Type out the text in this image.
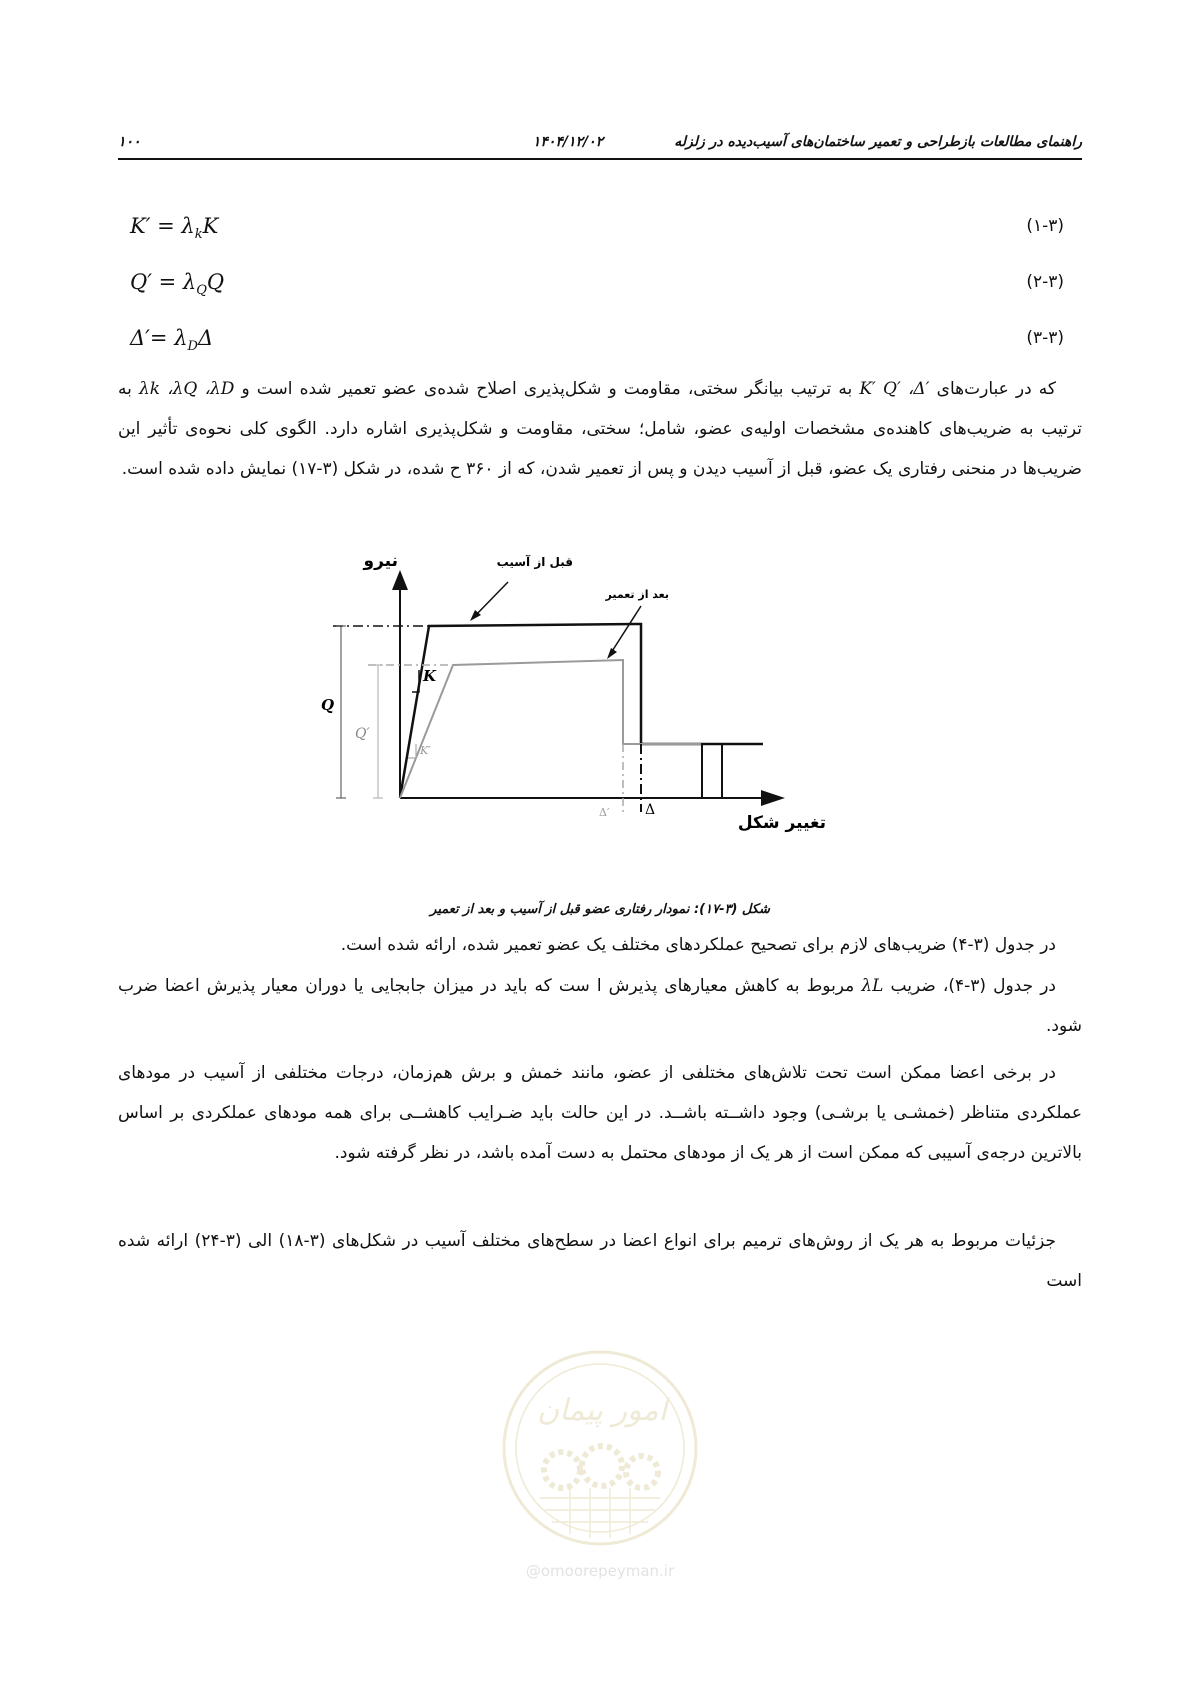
۱۰۰	۱۴۰۴/۱۲/۰۲	راهنمای مطالعات بازطراحی و تعمیر ساختمان‌های آسیب‌دیده در زلزله
$K' = \lambda_kK$	(۱-۳)
$Q' = \lambda_QQ$	(۲-۳)
$\Delta'= \lambda_D\Delta$	(۳-۳)
که در عبارت‌های K′ Q′ ،Δ′ به ترتیب بیانگر سختی، مقاومت و شکل‌پذیری اصلاح شده‌ی عضو تعمیر شده است و λk ،λQ ،λD به ترتیب به ضریب‌های کاهنده‌ی مشخصات اولیه‌ی عضو، شامل؛ سختی، مقاومت و شکل‌پذیری اشاره دارد. الگوی کلی نحوه‌ی تأثیر این ضریب‌ها در منحنی رفتاری یک عضو، قبل از آسیب دیدن و پس از تعمیر شدن، که از ۳۶۰ ح شده، در شکل (۳-۱۷) نمایش داده شده است.
نیرو
تغییر شکل
Q
Q′
K
K′
Δ
Δ′
قبل از آسیب
بعد از تعمیر
شکل (۳-۱۷): نمودار رفتاری عضو قبل از آسیب و بعد از تعمیر
در جدول (۳-۴) ضریب‌های لازم برای تصحیح عملکردهای مختلف یک عضو تعمیر شده، ارائه شده است.
در جدول (۳-۴)، ضریب λL مربوط به کاهش معیارهای پذیرش ا ست که باید در میزان جابجایی یا دوران معیار پذیرش اعضا ضرب شود.
در برخی اعضا ممکن است تحت تلاش‌های مختلفی از عضو، مانند خمش و برش هم‌زمان، درجات مختلفی از آسیب در مودهای عملکردی متناظر (خمشـی یا برشـی) وجود داشــته باشــد. در این حالت باید ضـرایب کاهشــی برای همه مودهای عملکردی بر اساس بالاترین درجه‌ی آسیبی که ممکن است از هر یک از مودهای محتمل به دست آمده باشد، در نظر گرفته شود.
جزئیات مربوط به هر یک از روش‌های ترمیم برای انواع اعضا در سطح‌های مختلف آسیب در شکل‌های (۳-۱۸) الی (۳-۲۴) ارائه شده است
امور پیمان
@omoorepeyman.ir
